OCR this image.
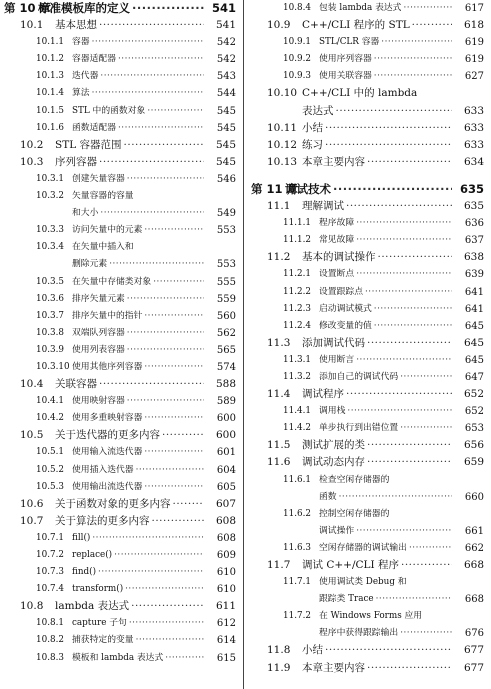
第 10 章
标准模板库的定义 ·····	541
10.1 基本思想 ·····	541
10.1.1 容器 ·····	542
10.1.2 容器适配器 ·····	542
10.1.3 迭代器 ·····	543
10.1.4 算法 ·····	544
10.1.5 STL 中的函数对象 ·····	545
10.1.6 函数适配器 ·····	545
10.2 STL 容器范围 ·····	545
10.3 序列容器 ·····	545
10.3.1 创建矢量容器 ·····	546
10.3.2 矢量容器的容量
和大小 ·····	549
10.3.3 访问矢量中的元素 ·····	553
10.3.4 在矢量中插入和
删除元素 ·····	553
10.3.5 在矢量中存储类对象 ·····	555
10.3.6 排序矢量元素 ·····	559
10.3.7 排序矢量中的指针 ·····	560
10.3.8 双端队列容器 ·····	562
10.3.9 使用列表容器 ·····	565
10.3.10 使用其他序列容器 ·····	574
10.4 关联容器 ·····	588
10.4.1 使用映射容器 ·····	589
10.4.2 使用多重映射容器 ·····	600
10.5 关于迭代器的更多内容 ·····	600
10.5.1 使用输入流迭代器 ·····	601
10.5.2 使用插入迭代器 ·····	604
10.5.3 使用输出流迭代器 ·····	605
10.6 关于函数对象的更多内容 ·····	607
10.7 关于算法的更多内容 ·····	608
10.7.1 fill() ·····	608
10.7.2 replace() ·····	609
10.7.3 find() ·····	610
10.7.4 transform() ·····	610
10.8 lambda 表达式 ·····	611
10.8.1 capture 子句 ·····	612
10.8.2 捕获特定的变量 ·····	614
10.8.3 模板和 lambda 表达式 ·····	615
10.8.4 包装 lambda 表达式 ·····	617
10.9 C++/CLI 程序的 STL ·····	618
10.9.1 STL/CLR 容器 ·····	619
10.9.2 使用序列容器 ·····	619
10.9.3 使用关联容器 ·····	627
10.10 C++/CLI 中的 lambda
表达式 ·····	633
10.11 小结 ·····	633
10.12 练习 ·····	633
10.13 本章主要内容 ·····	634
第 11 章
调试技术 ·····	635
11.1 理解调试 ·····	635
11.1.1 程序故障 ·····	636
11.1.2 常见故障 ·····	637
11.2 基本的调试操作 ·····	638
11.2.1 设置断点 ·····	639
11.2.2 设置跟踪点 ·····	641
11.2.3 启动调试模式 ·····	641
11.2.4 修改变量的值 ·····	645
11.3 添加调试代码 ·····	645
11.3.1 使用断言 ·····	645
11.3.2 添加自己的调试代码 ·····	647
11.4 调试程序 ·····	652
11.4.1 调用栈 ·····	652
11.4.2 单步执行到出错位置 ·····	653
11.5 测试扩展的类 ·····	656
11.6 调试动态内存 ·····	659
11.6.1 检查空闲存储器的
函数 ·····	660
11.6.2 控制空闲存储器的
调试操作 ·····	661
11.6.3 空闲存储器的调试输出 ·····	662
11.7 调试 C++/CLI 程序 ·····	668
11.7.1 使用调试类 Debug 和
跟踪类 Trace ·····	668
11.7.2 在 Windows Forms 应用
程序中获得跟踪输出 ·····	676
11.8 小结 ·····	677
11.9 本章主要内容 ·····	677
